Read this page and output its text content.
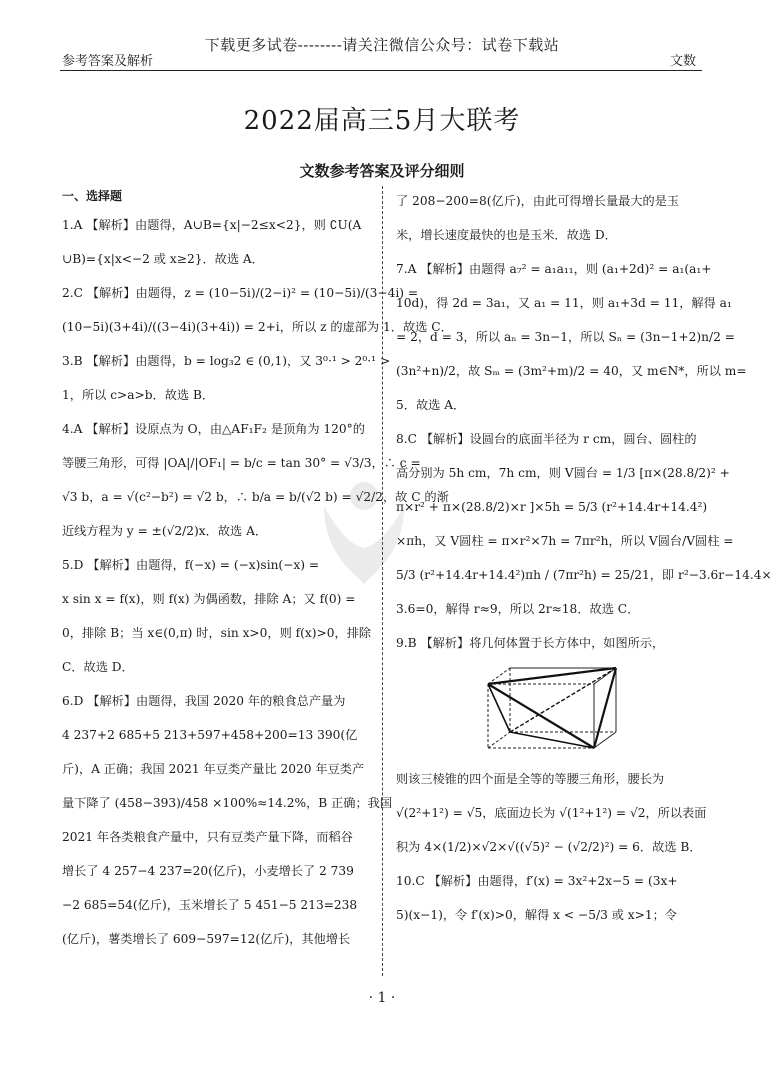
下载更多试卷--------请关注微信公众号：试卷下载站
参考答案及解析	文数
2022届高三5月大联考
文数参考答案及评分细则
一、选择题
1.A 【解析】由题得，A∪B={x|−2≤x<2}，则 ∁U(A
∪B)={x|x<−2 或 x≥2}．故选 A．
2.C 【解析】由题得，z = (10−5i)/(2−i)² = (10−5i)/(3−4i) =
(10−5i)(3+4i)/((3−4i)(3+4i)) = 2+i，所以 z 的虚部为 1．故选 C．
3.B 【解析】由题得，b = log₃2 ∈ (0,1)，又 3⁰·¹ > 2⁰·¹ >
1，所以 c>a>b．故选 B．
4.A 【解析】设原点为 O，由△AF₁F₂ 是顶角为 120°的
等腰三角形，可得 |OA|/|OF₁| = b/c = tan 30° = √3/3，∴ c =
√3 b，a = √(c²−b²) = √2 b，∴ b/a = b/(√2 b) = √2/2，故 C 的渐
近线方程为 y = ±(√2/2)x．故选 A．
5.D 【解析】由题得，f(−x) = (−x)sin(−x) =
x sin x = f(x)，则 f(x) 为偶函数，排除 A；又 f(0) =
0，排除 B；当 x∈(0,π) 时，sin x>0，则 f(x)>0，排除
C．故选 D．
6.D 【解析】由题得，我国 2020 年的粮食总产量为
4 237+2 685+5 213+597+458+200=13 390(亿
斤)，A 正确；我国 2021 年豆类产量比 2020 年豆类产
量下降了 (458−393)/458 ×100%≈14.2%，B 正确；我国
2021 年各类粮食产量中，只有豆类产量下降，而稻谷
增长了 4 257−4 237=20(亿斤)，小麦增长了 2 739
−2 685=54(亿斤)，玉米增长了 5 451−5 213=238
(亿斤)，薯类增长了 609−597=12(亿斤)，其他增长
了 208−200=8(亿斤)，由此可得增长量最大的是玉
米，增长速度最快的也是玉米．故选 D．
7.A 【解析】由题得 a₇² = a₁a₁₁，则 (a₁+2d)² = a₁(a₁+
10d)，得 2d = 3a₁，又 a₁ = 11，则 a₁+3d = 11，解得 a₁
= 2，d = 3，所以 aₙ = 3n−1，所以 Sₙ = (3n−1+2)n/2 =
(3n²+n)/2，故 Sₘ = (3m²+m)/2 = 40，又 m∈N*，所以 m=
5．故选 A．
8.C 【解析】设圆台的底面半径为 r cm，圆台、圆柱的
高分别为 5h cm，7h cm，则 V圆台 = 1/3 [π×(28.8/2)² +
π×r² + π×(28.8/2)×r ]×5h = 5/3 (r²+14.4r+14.4²)
×πh，又 V圆柱 = π×r²×7h = 7πr²h，所以 V圆台/V圆柱 =
5/3 (r²+14.4r+14.4²)πh / (7πr²h) = 25/21，即 r²−3.6r−14.4×
3.6=0，解得 r≈9，所以 2r≈18．故选 C．
9.B 【解析】将几何体置于长方体中，如图所示，
则该三棱锥的四个面是全等的等腰三角形，腰长为
√(2²+1²) = √5，底面边长为 √(1²+1²) = √2，所以表面
积为 4×(1/2)×√2×√((√5)² − (√2/2)²) = 6．故选 B．
10.C 【解析】由题得，f′(x) = 3x²+2x−5 = (3x+
5)(x−1)，令 f′(x)>0，解得 x < −5/3 或 x>1；令
· 1 ·
